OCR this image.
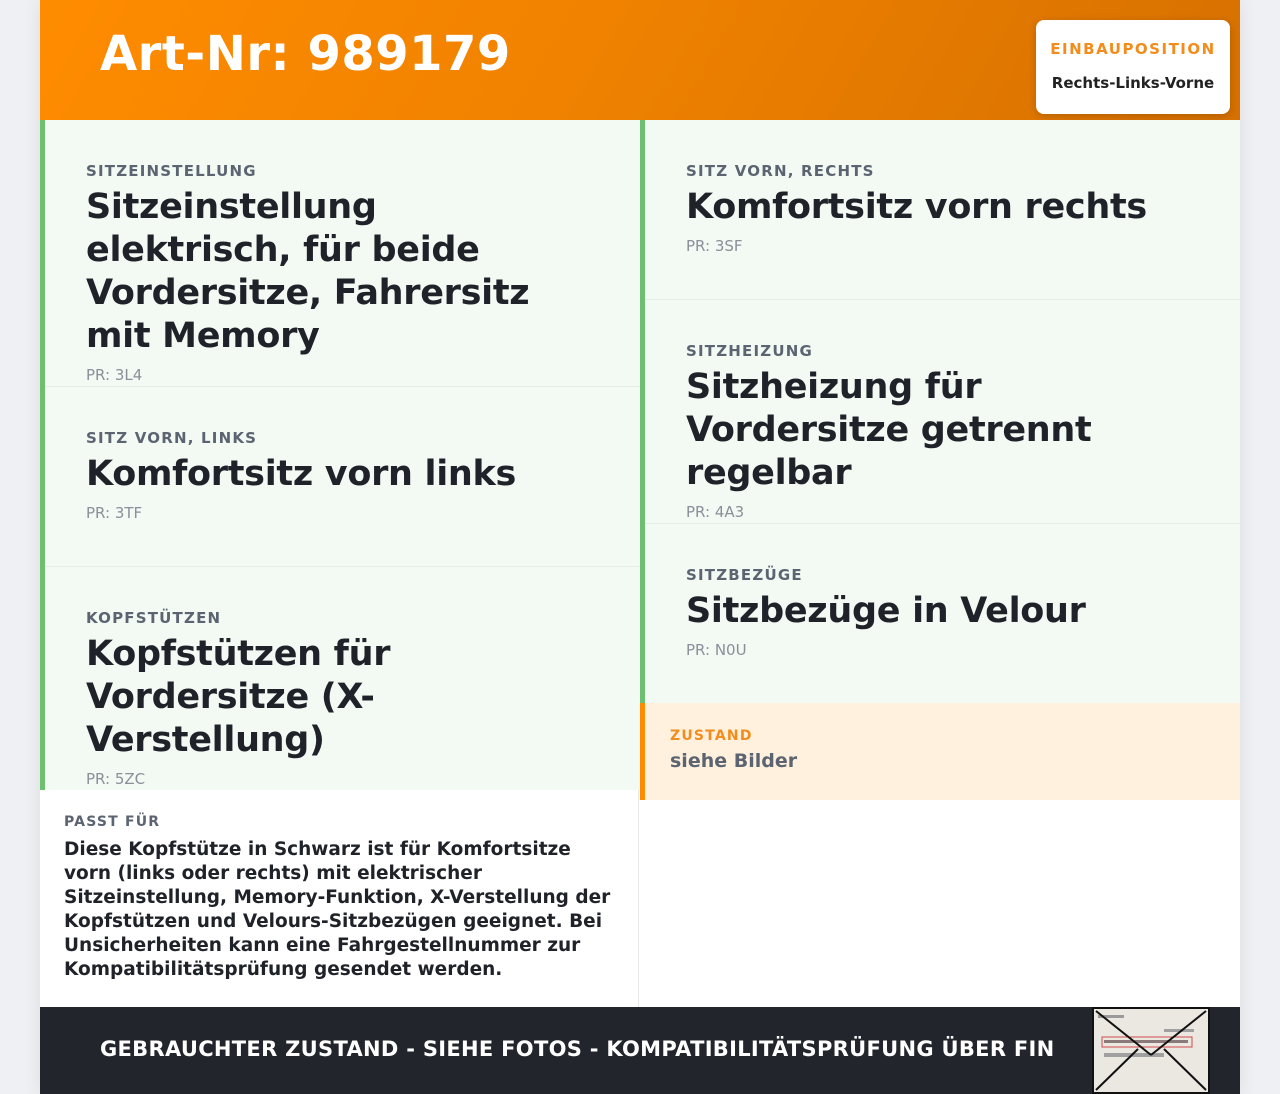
Art-Nr: 989179	EINBAUPOSITION
Rechts-Links-Vorne
SITZEINSTELLUNG
Sitzeinstellung elektrisch, für beide Vordersitze, Fahrersitz mit Memory
PR: 3L4
SITZ VORN, LINKS
Komfortsitz vorn links
PR: 3TF
KOPFSTÜTZEN
Kopfstützen für Vordersitze (X-Verstellung)
PR: 5ZC
SITZ VORN, RECHTS
Komfortsitz vorn rechts
PR: 3SF
SITZHEIZUNG
Sitzheizung für Vordersitze getrennt regelbar
PR: 4A3
SITZBEZÜGE
Sitzbezüge in Velour
PR: N0U
ZUSTAND
siehe Bilder
PASST FÜR
Diese Kopfstütze in Schwarz ist für Komfortsitze vorn (links oder rechts) mit elektrischer Sitzeinstellung, Memory-Funktion, X-Verstellung der Kopfstützen und Velours-Sitzbezügen geeignet. Bei Unsicherheiten kann eine Fahrgestellnummer zur Kompatibilitätsprüfung gesendet werden.
GEBRAUCHTER ZUSTAND - SIEHE FOTOS - KOMPATIBILITÄTSPRÜFUNG ÜBER FIN
